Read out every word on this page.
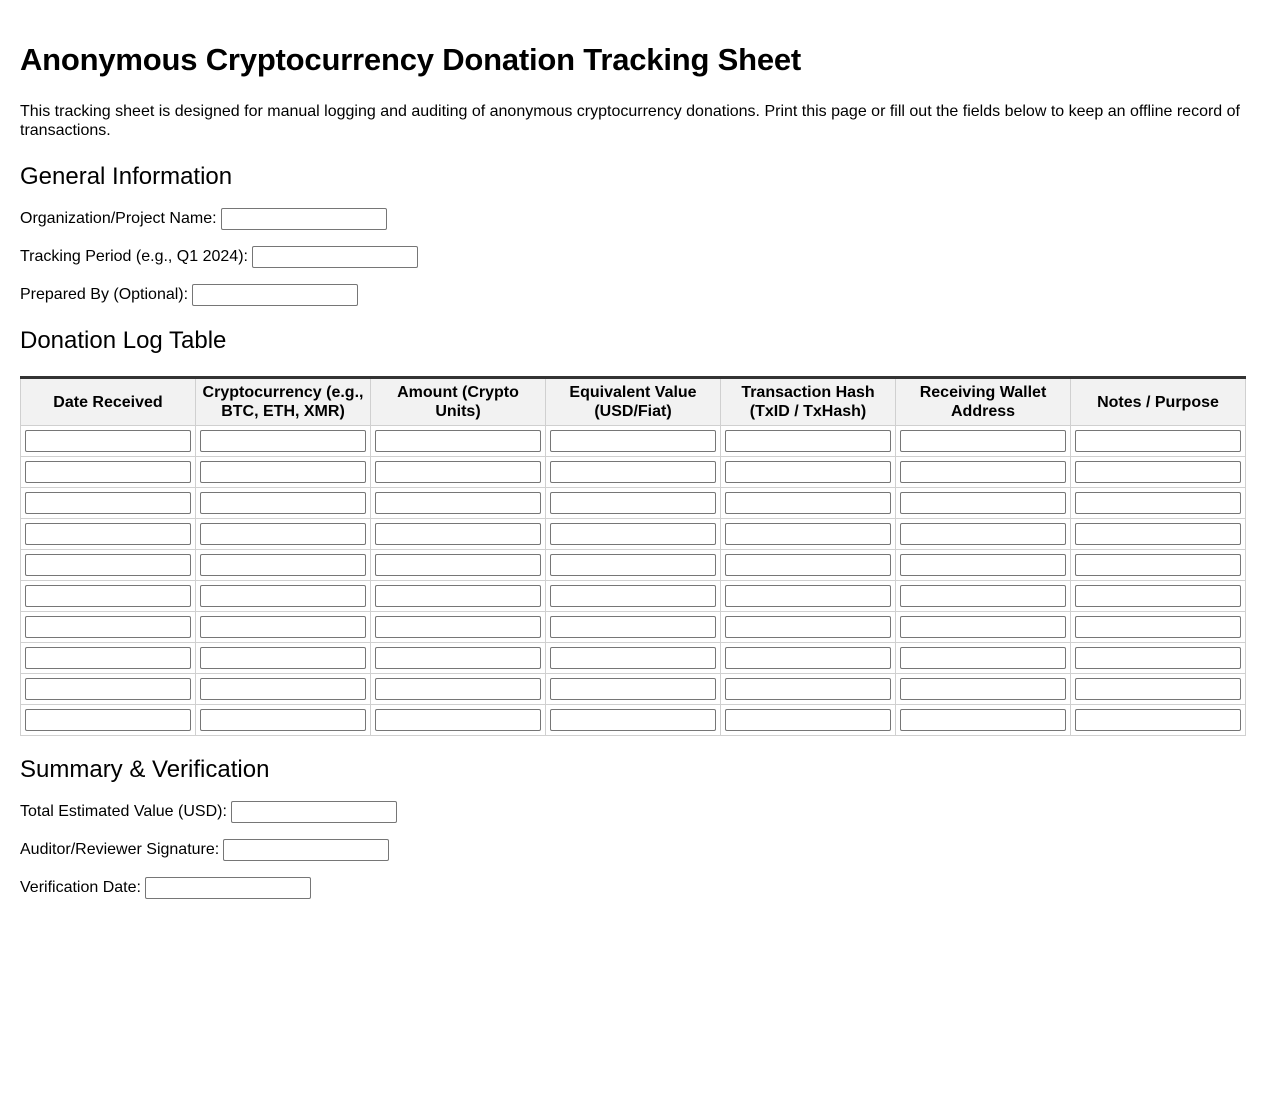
Anonymous Cryptocurrency Donation Tracking Sheet

This tracking sheet is designed for manual logging and auditing of anonymous cryptocurrency donations. Print this page or fill out the fields below to keep an offline record of transactions.

General Information
Organization/Project Name:
Tracking Period (e.g., Q1 2024):
Prepared By (Optional):
Donation Log Table
Date Received	Cryptocurrency (e.g., BTC, ETH, XMR)	Amount (Crypto Units)	Equivalent Value (USD/Fiat)	Transaction Hash (TxID / TxHash)	Receiving Wallet Address	Notes / Purpose

Summary & Verification
Total Estimated Value (USD):
Auditor/Reviewer Signature:
Verification Date:
